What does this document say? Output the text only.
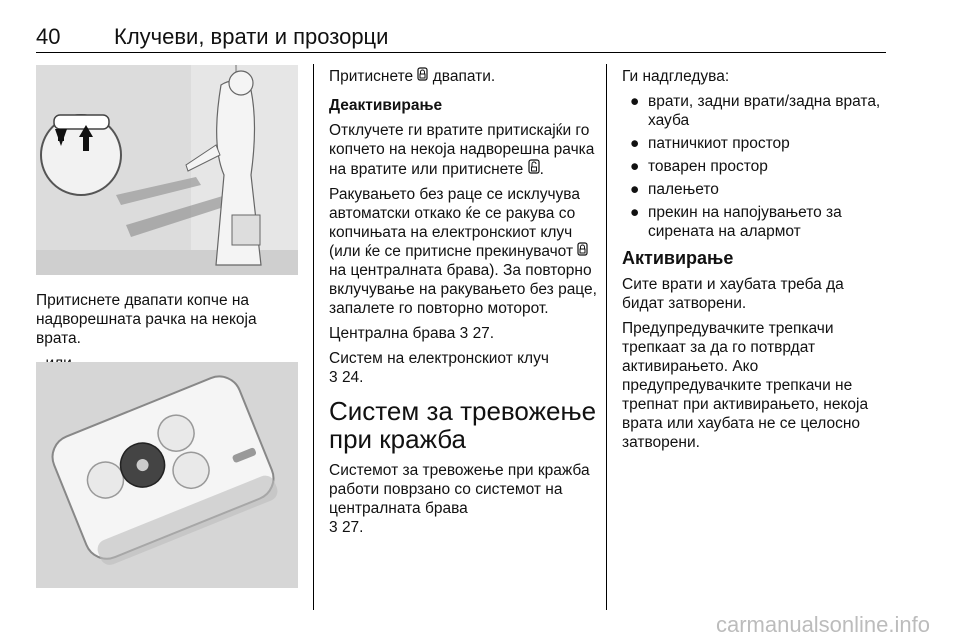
40 Клучеви, врати и прозорци

Притиснете двапати копче на надворешната рачка на некоја врата.

Притиснете  двапати.

Деактивирање

Отклучете ги вратите притискајќи го копчето на некоја надворешна рачка на вратите или притиснете .

Ракувањето без раце се исклучува автоматски откако ќе се ракува со копчињата на електронскиот клуч (или ќе се притисне прекинувачот  на централната брава). За повторно вклучување на ракувањето без раце, запалете го повторно моторот.

Централна брава 3 27.

Систем на електронскиот клуч
3 24.

Систем за тревожење при кражба

Системот за тревожење при кражба работи поврзано со системот на централната брава
3 27.

Ги надгледува:

● врати, задни врати/задна врата, хауба
● патничкиот простор
● товарен простор
● палењето
● прекин на напојувањето за сирената на алармот
Активирање

Сите врати и хаубата треба да бидат затворени.

Предупредувачките трепкачи трепкаат за да го потврдат активирањето. Ако предупредувачките трепкачи не трепнат при активирањето, некоја врата или хаубата не се целосно затворени.

carmanualsonline.info
